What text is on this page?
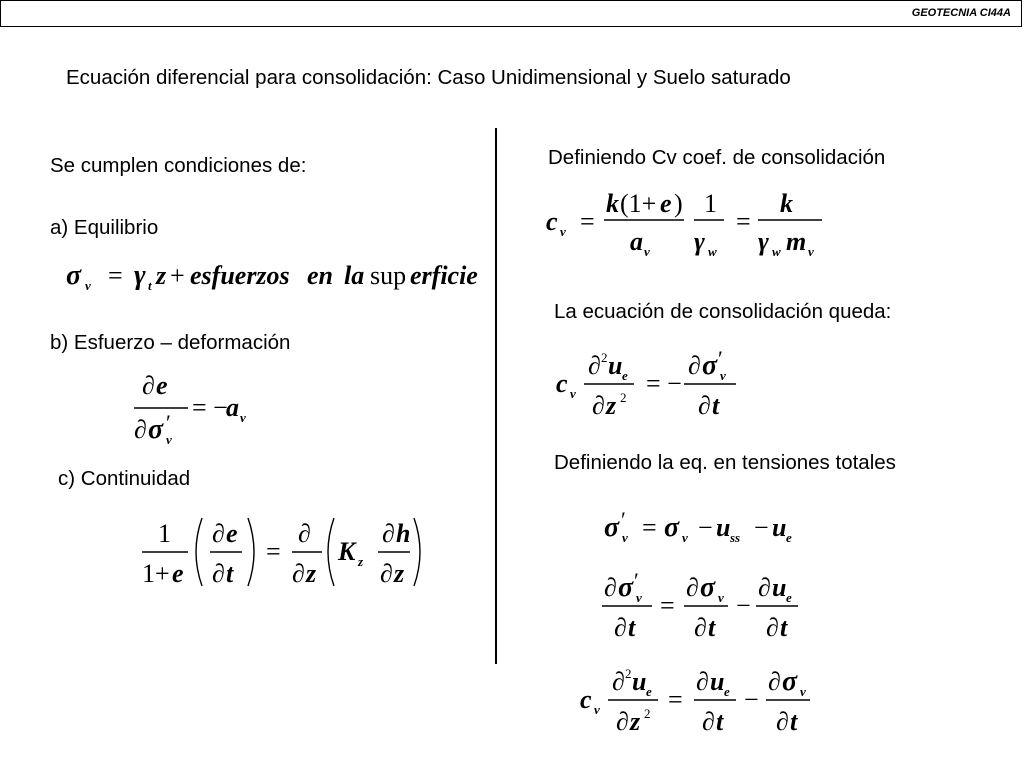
GEOTECNIA CI44A
Ecuación diferencial para consolidación: Caso Unidimensional y Suelo saturado
Se cumplen condiciones de:
a) Equilibrio
σ v = γ t z + esfuerzos en la sup erficie
b) Esfuerzo – deformación
∂ e
∂ σ ′
v
= −
a v
c) Continuidad
1
1+ e
∂ e
∂ t
=
∂
∂ z
K z
∂ h
∂ z
Definiendo Cv coef. de consolidación
c v =
k (1+ e )
a v
1
γ w
=
k
γ w m v
La ecuación de consolidación queda:
c v
∂ 2 u e
∂ z 2 = −
∂ σ ′
v
∂ t
Definiendo la eq. en tensiones totales
σ ′
v = σ v − u ss − u e
∂ σ ′
v
∂ t
=
∂ σ v
∂ t
−
∂ u e
∂ t
c v
∂ 2 u e
∂ z 2 =
∂ u e
∂ t
−
∂ σ v
∂ t
